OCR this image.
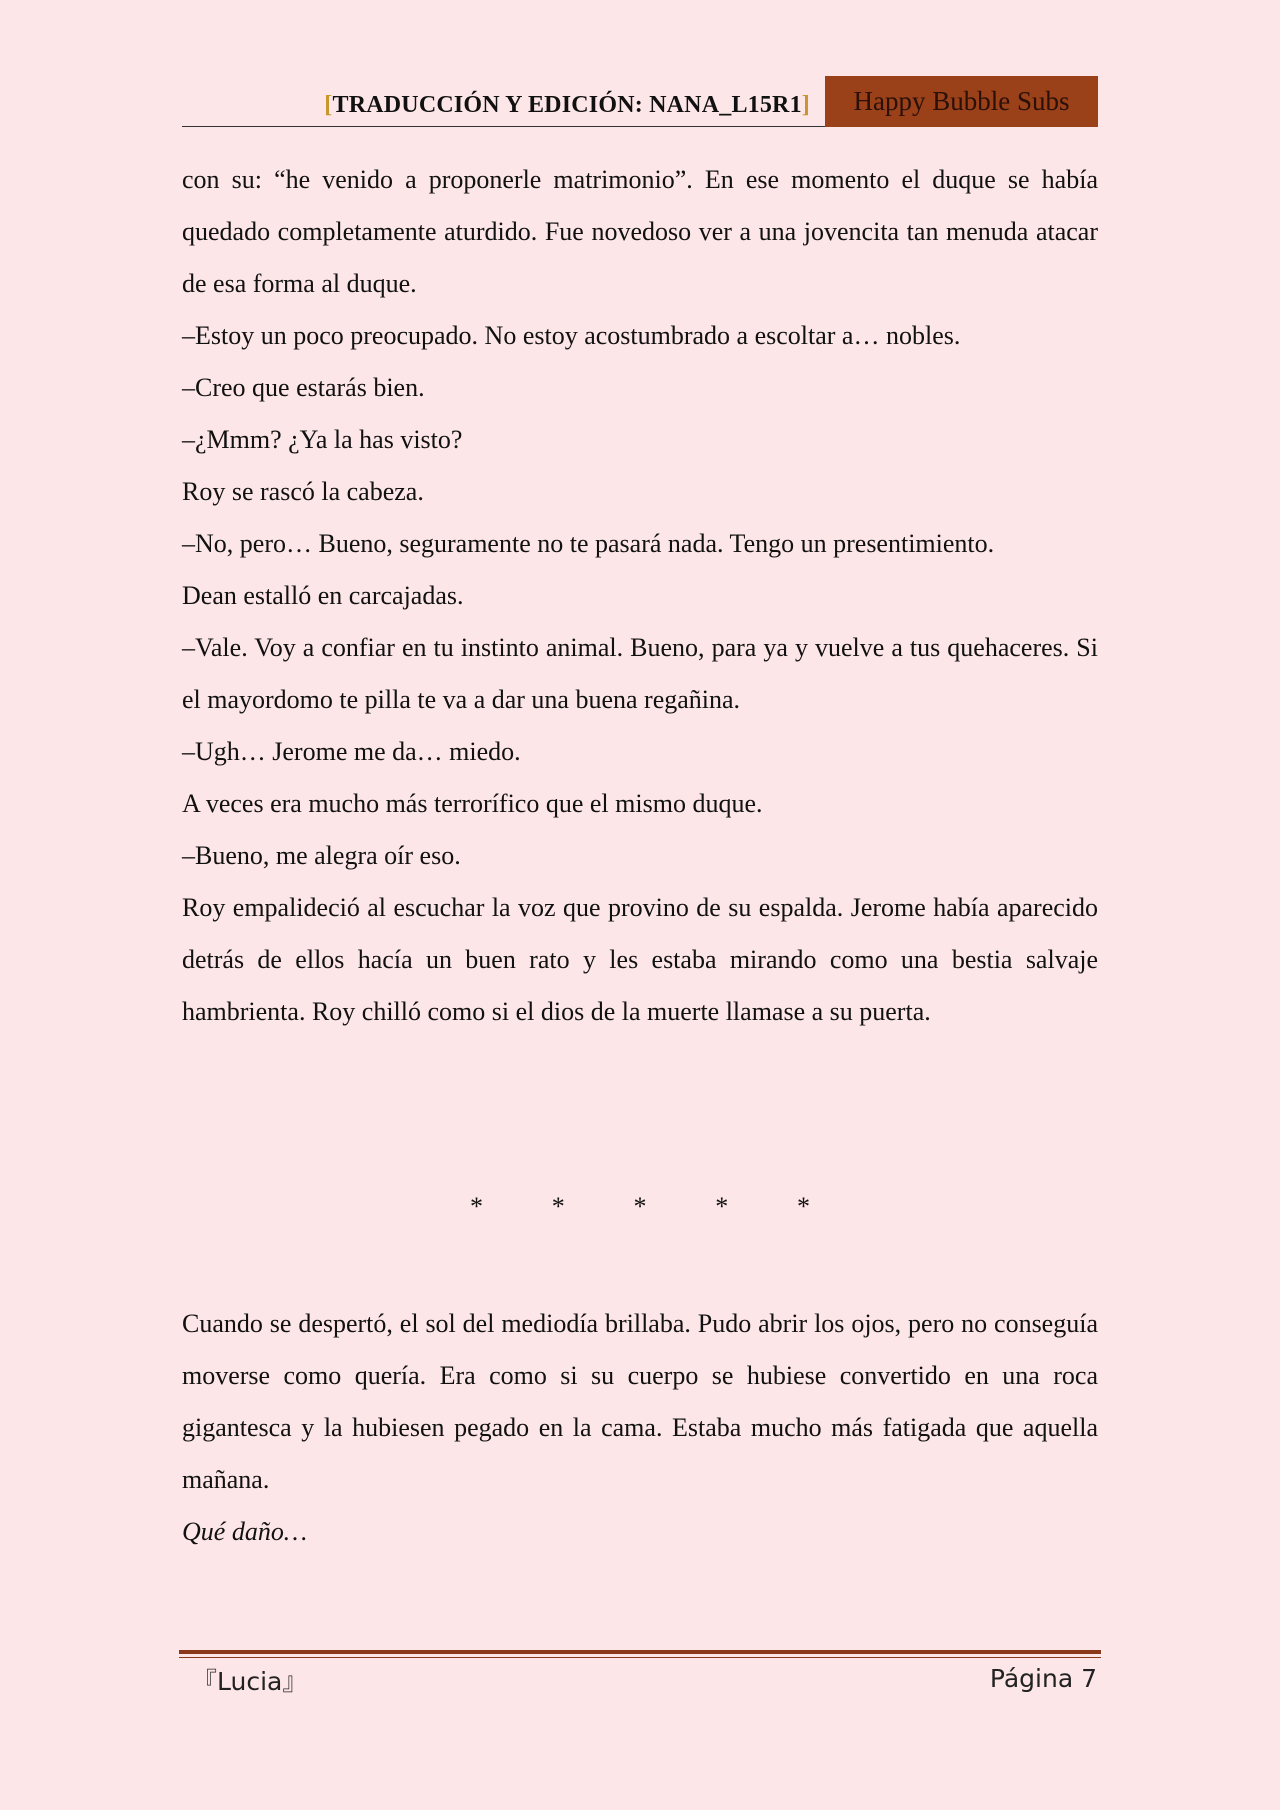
[TRADUCCIÓN Y EDICIÓN: NANA_L15R1]	Happy Bubble Subs

con su: “he venido a proponerle matrimonio”. En ese momento el duque se había quedado completamente aturdido. Fue novedoso ver a una jovencita tan menuda atacar de esa forma al duque.

–Estoy un poco preocupado. No estoy acostumbrado a escoltar a… nobles.

–Creo que estarás bien.

–¿Mmm? ¿Ya la has visto?

Roy se rascó la cabeza.

–No, pero… Bueno, seguramente no te pasará nada. Tengo un presentimiento.

Dean estalló en carcajadas.

–Vale. Voy a confiar en tu instinto animal. Bueno, para ya y vuelve a tus quehaceres. Si el mayordomo te pilla te va a dar una buena regañina.

–Ugh… Jerome me da… miedo.

A veces era mucho más terrorífico que el mismo duque.

–Bueno, me alegra oír eso.

Roy empalideció al escuchar la voz que provino de su espalda. Jerome había aparecido detrás de ellos hacía un buen rato y les estaba mirando como una bestia salvaje hambrienta. Roy chilló como si el dios de la muerte llamase a su puerta.

*	*	*	*	*

Cuando se despertó, el sol del mediodía brillaba. Pudo abrir los ojos, pero no conseguía moverse como quería. Era como si su cuerpo se hubiese convertido en una roca gigantesca y la hubiesen pegado en la cama. Estaba mucho más fatigada que aquella mañana.

Qué daño…

『Lucia』	Página 7
